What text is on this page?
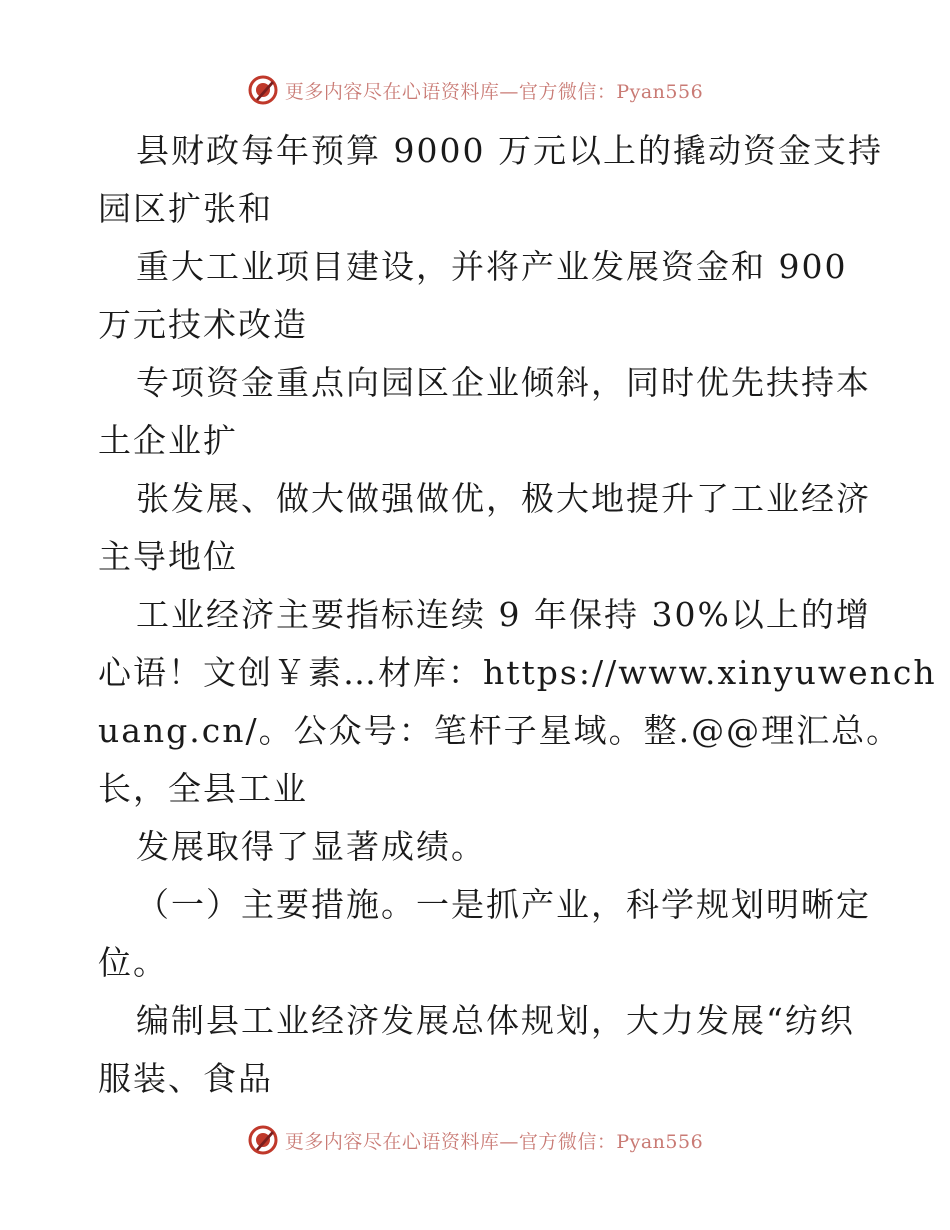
更多内容尽在心语资料库—官方微信：Pyan556
县财政每年预算 9000 万元以上的撬动资金支持
园区扩张和
重大工业项目建设，并将产业发展资金和 900
万元技术改造
专项资金重点向园区企业倾斜，同时优先扶持本
土企业扩
张发展、做大做强做优，极大地提升了工业经济
主导地位
工业经济主要指标连续 9 年保持 30%以上的增
心语！文创￥素…材库：https://www.xinyuwench
uang.cn/。公众号：笔杆子星域。整.@@理汇总。
长，全县工业
发展取得了显著成绩。
（一）主要措施。一是抓产业，科学规划明晰定
位。
编制县工业经济发展总体规划，大力发展“纺织
服装、食品
更多内容尽在心语资料库—官方微信：Pyan556
